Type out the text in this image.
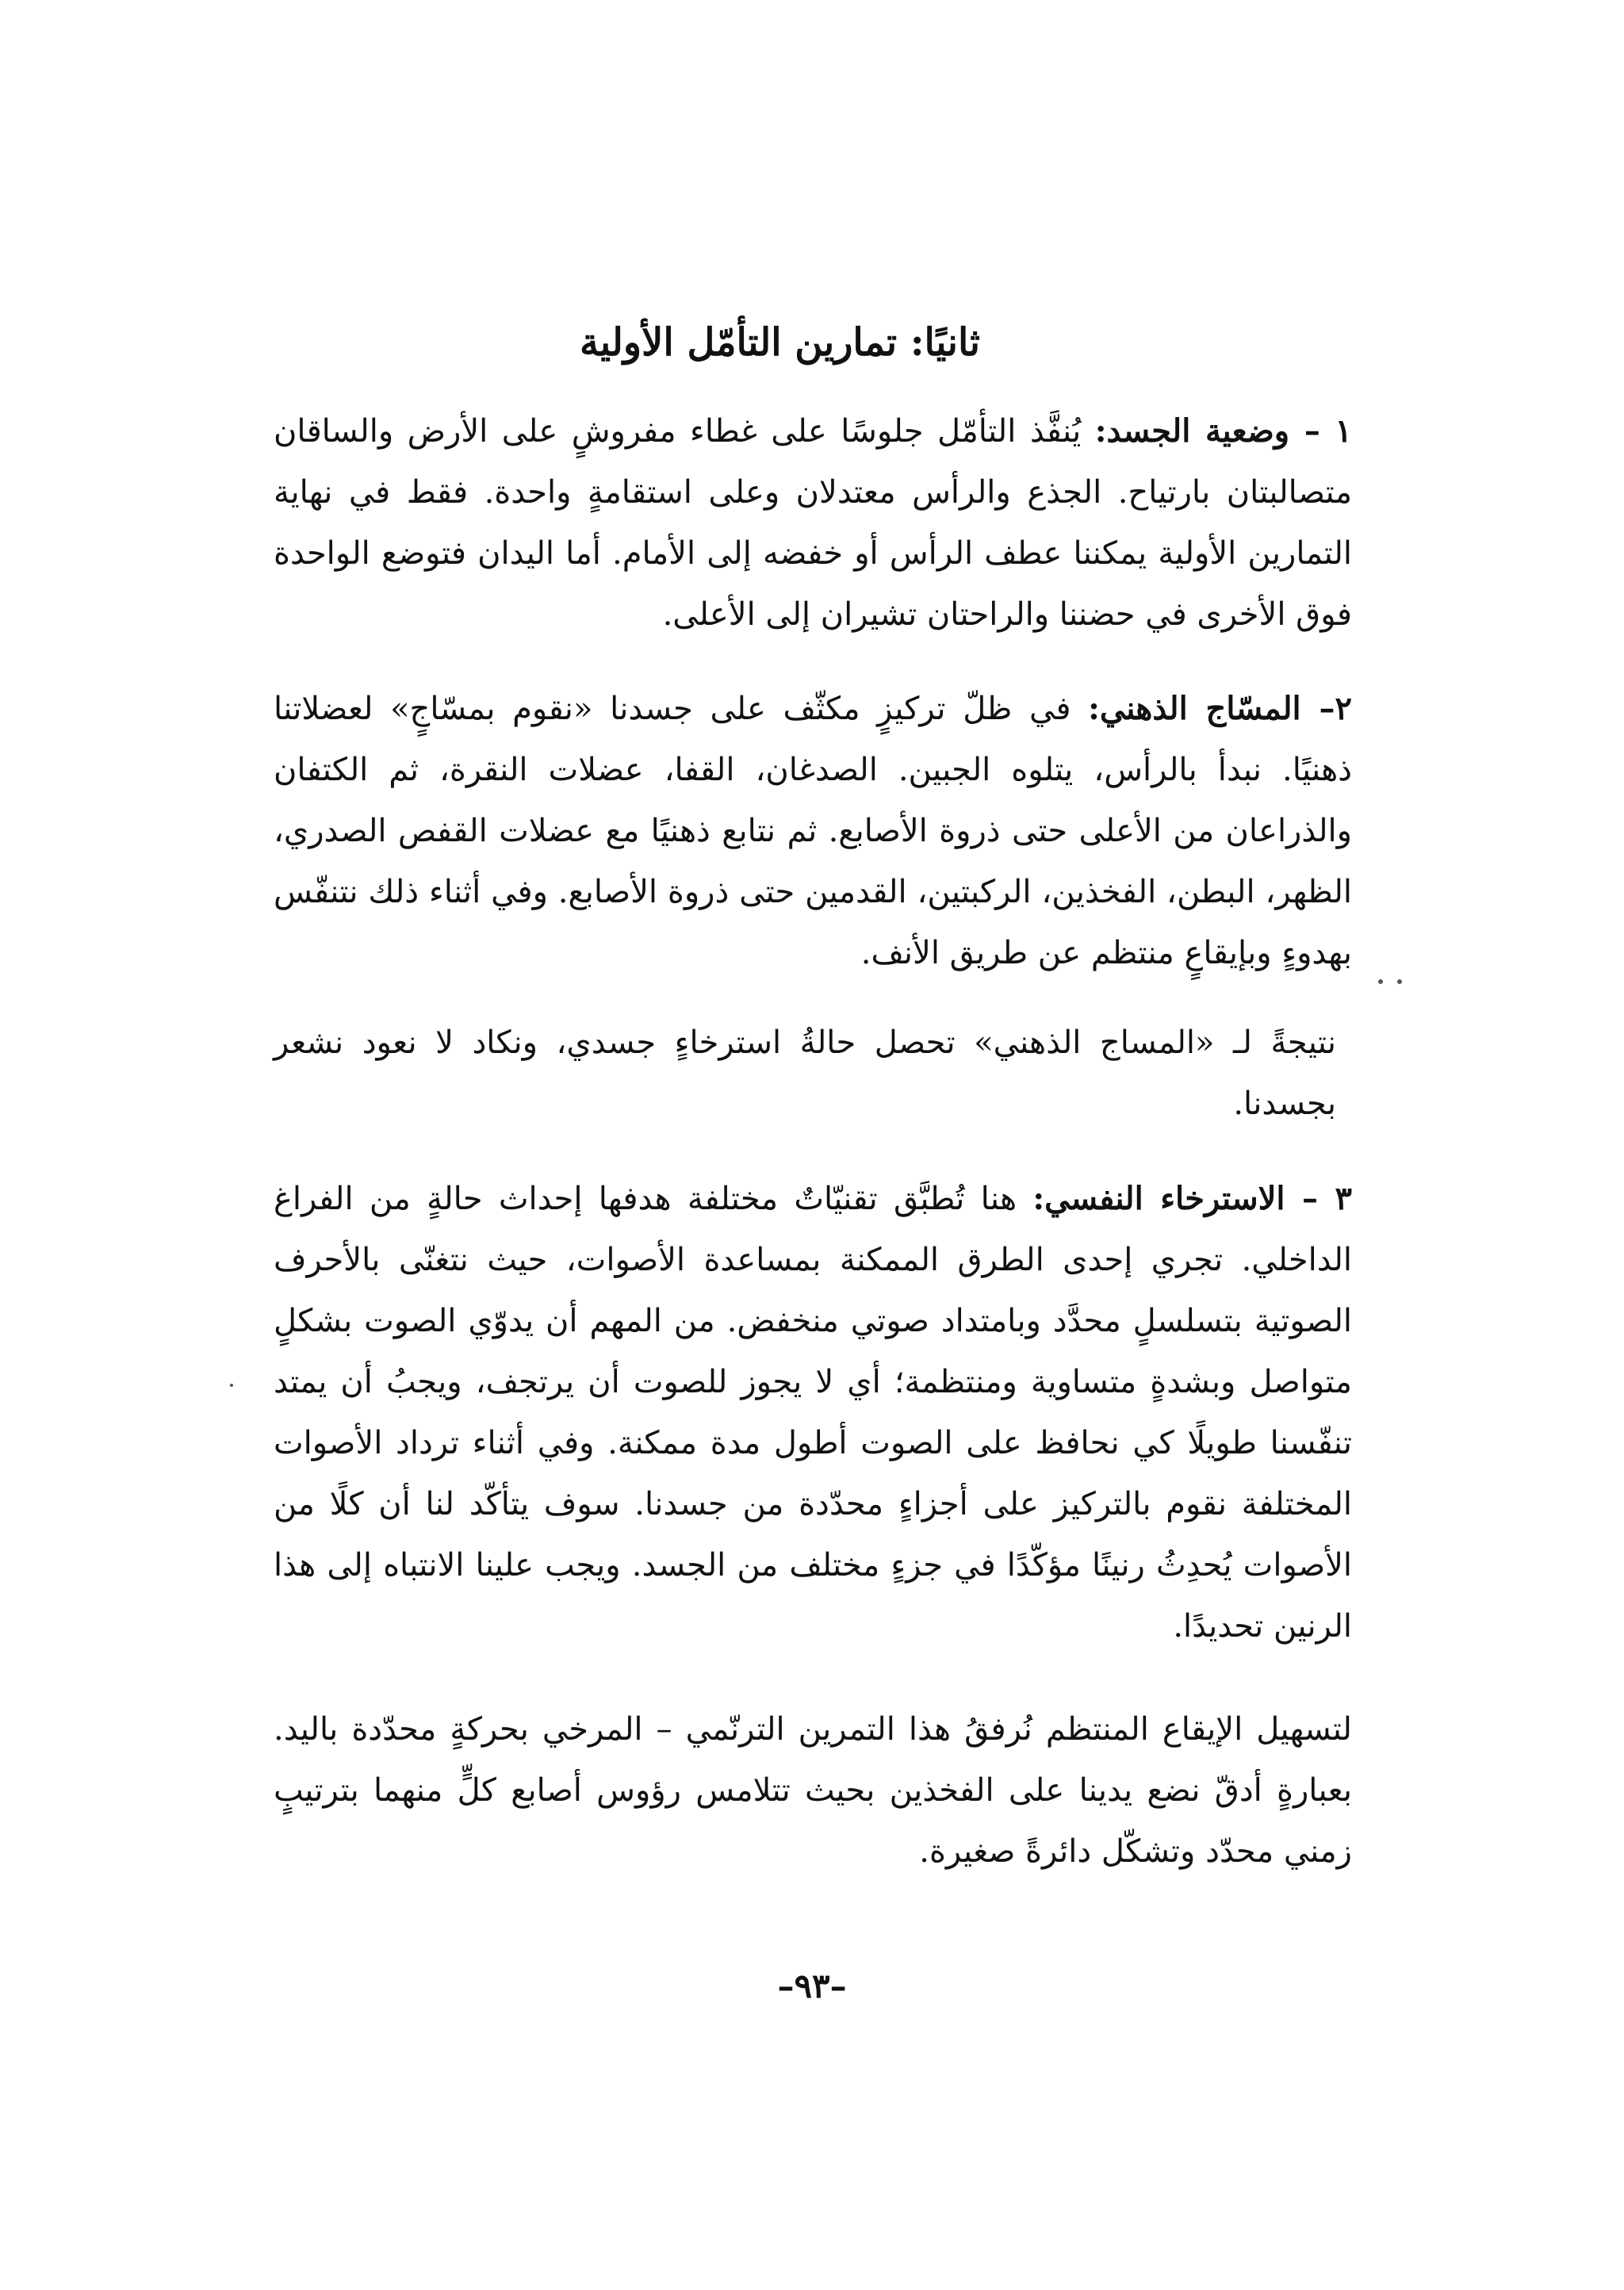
ثانيًا: تمارين التأمّل الأولية

١ – وضعية الجسد: يُنفَّذ التأمّل جلوسًا على غطاء مفروشٍ على الأرض والساقان متصالبتان بارتياح. الجذع والرأس معتدلان وعلى استقامةٍ واحدة. فقط في نهاية التمارين الأولية يمكننا عطف الرأس أو خفضه إلى الأمام. أما اليدان فتوضع الواحدة فوق الأخرى في حضننا والراحتان تشيران إلى الأعلى.

٢– المسّاج الذهني: في ظلّ تركيزٍ مكثّف على جسدنا «نقوم بمسّاجٍ» لعضلاتنا ذهنيًا. نبدأ بالرأس، يتلوه الجبين. الصدغان، القفا، عضلات النقرة، ثم الكتفان والذراعان من الأعلى حتى ذروة الأصابع. ثم نتابع ذهنيًا مع عضلات القفص الصدري، الظهر، البطن، الفخذين، الركبتين، القدمين حتى ذروة الأصابع. وفي أثناء ذلك نتنفّس بهدوءٍ وبإيقاعٍ منتظم عن طريق الأنف.

نتيجةً لـ «المساج الذهني» تحصل حالةُ استرخاءٍ جسدي، ونكاد لا نعود نشعر بجسدنا.

٣ – الاسترخاء النفسي: هنا تُطبَّق تقنيّاتٌ مختلفة هدفها إحداث حالةٍ من الفراغ الداخلي. تجري إحدى الطرق الممكنة بمساعدة الأصوات، حيث نتغنّى بالأحرف الصوتية بتسلسلٍ محدَّد وبامتداد صوتي منخفض. من المهم أن يدوّي الصوت بشكلٍ متواصل وبشدةٍ متساوية ومنتظمة؛ أي لا يجوز للصوت أن يرتجف، ويجبُ أن يمتد تنفّسنا طويلًا كي نحافظ على الصوت أطول مدة ممكنة. وفي أثناء ترداد الأصوات المختلفة نقوم بالتركيز على أجزاءٍ محدّدة من جسدنا. سوف يتأكّد لنا أن كلًا من الأصوات يُحدِثُ رنينًا مؤكّدًا في جزءٍ مختلف من الجسد. ويجب علينا الانتباه إلى هذا الرنين تحديدًا.

لتسهيل الإيقاع المنتظم نُرفقُ هذا التمرين الترنّمي – المرخي بحركةٍ محدّدة باليد. بعبارةٍ أدقّ نضع يدينا على الفخذين بحيث تتلامس رؤوس أصابع كلٍّ منهما بترتيبٍ زمني محدّد وتشكّل دائرةً صغيرة.

–٩٣–
